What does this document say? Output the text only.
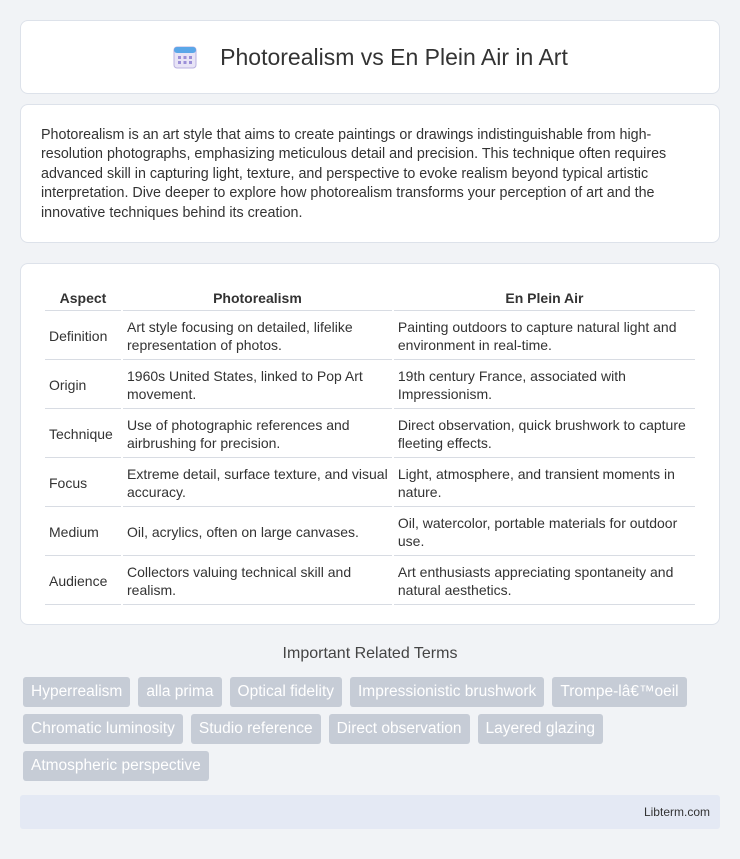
Photorealism vs En Plein Air in Art

Photorealism is an art style that aims to create paintings or drawings indistinguishable from high-resolution photographs, emphasizing meticulous detail and precision. This technique often requires advanced skill in capturing light, texture, and perspective to evoke realism beyond typical artistic interpretation. Dive deeper to explore how photorealism transforms your perception of art and the innovative techniques behind its creation.

Aspect	Photorealism	En Plein Air
Definition	Art style focusing on detailed, lifelike representation of photos.	Painting outdoors to capture natural light and environment in real-time.
Origin	1960s United States, linked to Pop Art movement.	19th century France, associated with Impressionism.
Technique	Use of photographic references and airbrushing for precision.	Direct observation, quick brushwork to capture fleeting effects.
Focus	Extreme detail, surface texture, and visual accuracy.	Light, atmosphere, and transient moments in nature.
Medium	Oil, acrylics, often on large canvases.	Oil, watercolor, portable materials for outdoor use.
Audience	Collectors valuing technical skill and realism.	Art enthusiasts appreciating spontaneity and natural aesthetics.
Important Related Terms
Hyperrealism	alla prima	Optical fidelity	Impressionistic brushwork	Trompe-lâ€™oeil
Chromatic luminosity	Studio reference	Direct observation	Layered glazing
Atmospheric perspective
Libterm.com
